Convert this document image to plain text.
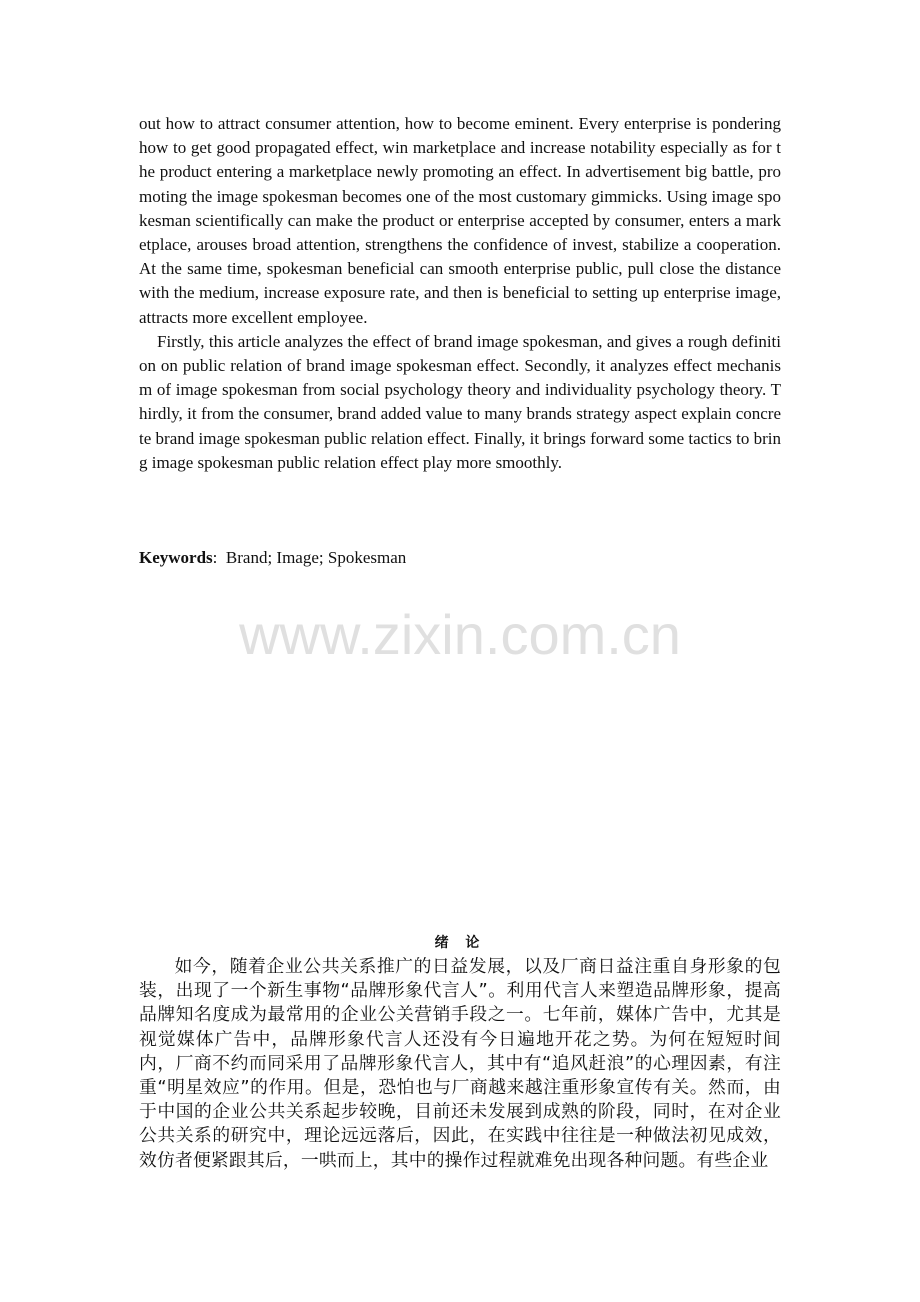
out how to attract consumer attention, how to become eminent. Every enterprise is pondering how to get good propagated effect, win marketplace and increase notability especially as for the product entering a marketplace newly promoting an effect. In advertisement big battle, promoting the image spokesman becomes one of the most customary gimmicks. Using image spokesman scientifically can make the product or enterprise accepted by consumer, enters a marketplace, arouses broad attention, strengthens the confidence of invest, stabilize a cooperation. At the same time, spokesman beneficial can smooth enterprise public, pull close the distance with the medium, increase exposure rate, and then is beneficial to setting up enterprise image, attracts more excellent employee.

Firstly, this article analyzes the effect of brand image spokesman, and gives a rough definition on public relation of brand image spokesman effect. Secondly, it analyzes effect mechanism of image spokesman from social psychology theory and individuality psychology theory. Thirdly, it from the consumer, brand added value to many brands strategy aspect explain concrete brand image spokesman public relation effect. Finally, it brings forward some tactics to bring image spokesman public relation effect play more smoothly.

Keywords: Brand; Image; Spokesman
www.zixin.com.cn
绪 论

如今，随着企业公共关系推广的日益发展，以及厂商日益注重自身形象的包装，出现了一个新生事物“品牌形象代言人”。利用代言人来塑造品牌形象，提高品牌知名度成为最常用的企业公关营销手段之一。七年前，媒体广告中，尤其是视觉媒体广告中，品牌形象代言人还没有今日遍地开花之势。为何在短短时间内，厂商不约而同采用了品牌形象代言人，其中有“追风赶浪”的心理因素，有注重“明星效应”的作用。但是，恐怕也与厂商越来越注重形象宣传有关。然而，由于中国的企业公共关系起步较晚，目前还未发展到成熟的阶段，同时，在对企业公共关系的研究中，理论远远落后，因此，在实践中往往是一种做法初见成效，效仿者便紧跟其后，一哄而上，其中的操作过程就难免出现各种问题。有些企业
